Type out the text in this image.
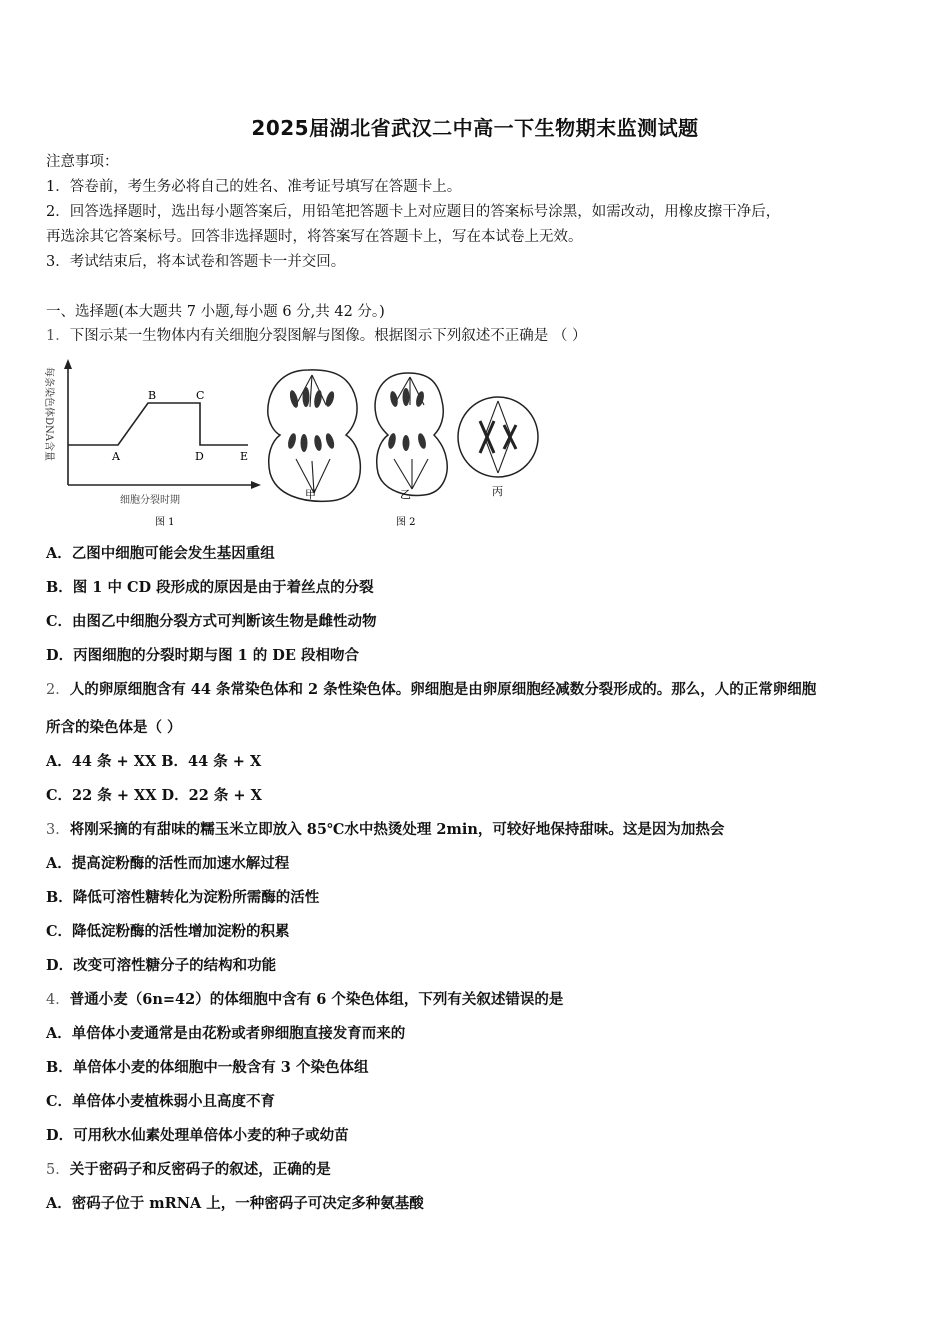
2025届湖北省武汉二中高一下生物期末监测试题
注意事项：
1．答卷前，考生务必将自己的姓名、准考证号填写在答题卡上。
2．回答选择题时，选出每小题答案后，用铅笔把答题卡上对应题目的答案标号涂黑，如需改动，用橡皮擦干净后，
再选涂其它答案标号。回答非选择题时，将答案写在答题卡上，写在本试卷上无效。
3．考试结束后，将本试卷和答题卡一并交回。
一、选择题(本大题共 7 小题,每小题 6 分,共 42 分。)
1．下图示某一生物体内有关细胞分裂图解与图像。根据图示下列叙述不正确是 （ ）
每条染色体DNA含量	A
B	C
D	E
细胞分裂时期
图 1
甲	乙
图 2
丙
A．乙图中细胞可能会发生基因重组
B．图 1 中 CD 段形成的原因是由于着丝点的分裂
C．由图乙中细胞分裂方式可判断该生物是雌性动物
D．丙图细胞的分裂时期与图 1 的 DE 段相吻合
2．人的卵原细胞含有 44 条常染色体和 2 条性染色体。卵细胞是由卵原细胞经减数分裂形成的。那么，人的正常卵细胞
所含的染色体是（ ）
A．44 条 + XX B．44 条 + X
C．22 条 + XX D．22 条 + X
3．将刚采摘的有甜味的糯玉米立即放入 85℃水中热烫处理 2min，可较好地保持甜味。这是因为加热会
A．提高淀粉酶的活性而加速水解过程
B．降低可溶性糖转化为淀粉所需酶的活性
C．降低淀粉酶的活性增加淀粉的积累
D．改变可溶性糖分子的结构和功能
4．普通小麦（6n=42）的体细胞中含有 6 个染色体组，下列有关叙述错误的是
A．单倍体小麦通常是由花粉或者卵细胞直接发育而来的
B．单倍体小麦的体细胞中一般含有 3 个染色体组
C．单倍体小麦植株弱小且高度不育
D．可用秋水仙素处理单倍体小麦的种子或幼苗
5．关于密码子和反密码子的叙述，正确的是
A．密码子位于 mRNA 上，一种密码子可决定多种氨基酸
